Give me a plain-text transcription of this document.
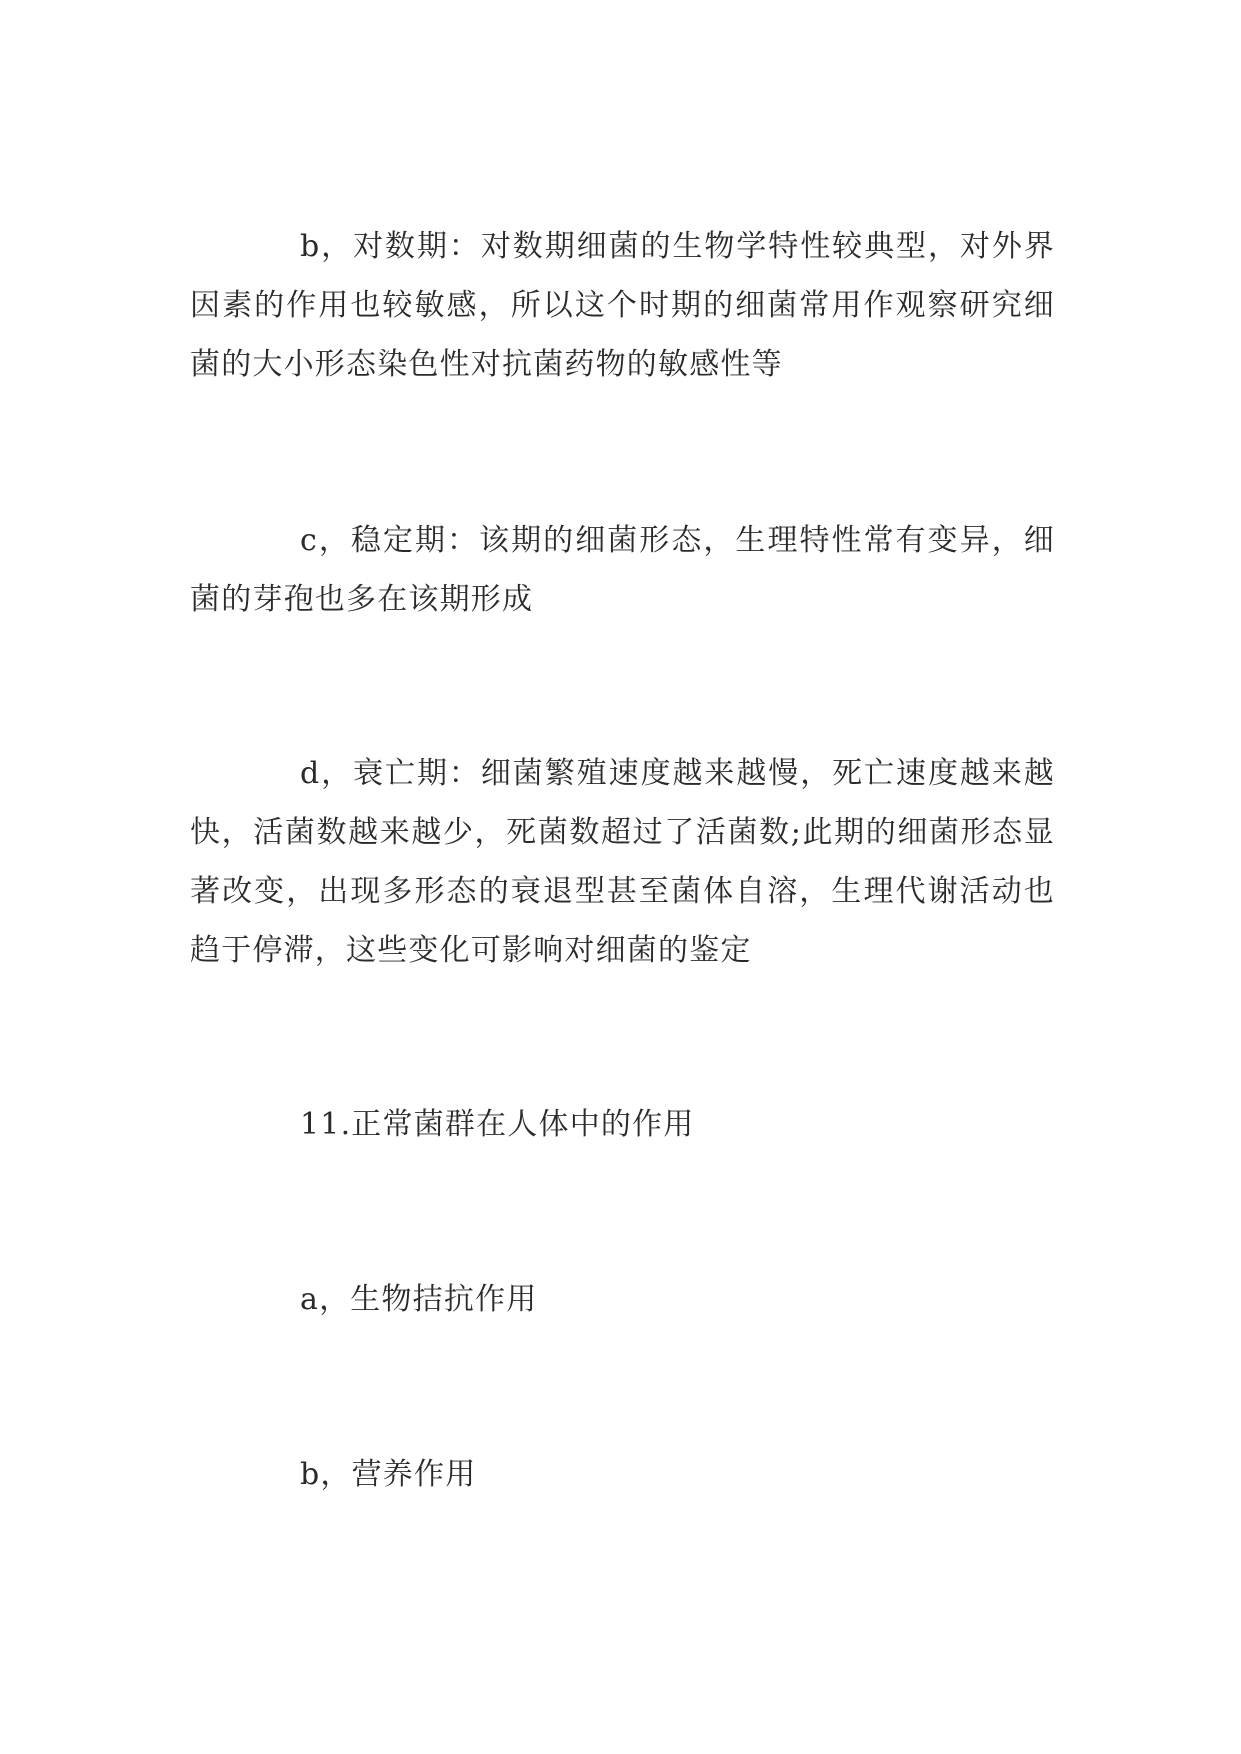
b，对数期：对数期细菌的生物学特性较典型，对外界因素的作用也较敏感，所以这个时期的细菌常用作观察研究细菌的大小形态染色性对抗菌药物的敏感性等

c，稳定期：该期的细菌形态，生理特性常有变异，细菌的芽孢也多在该期形成

d，衰亡期：细菌繁殖速度越来越慢，死亡速度越来越快，活菌数越来越少，死菌数超过了活菌数;此期的细菌形态显著改变，出现多形态的衰退型甚至菌体自溶，生理代谢活动也趋于停滞，这些变化可影响对细菌的鉴定

11.正常菌群在人体中的作用

a，生物拮抗作用

b，营养作用
